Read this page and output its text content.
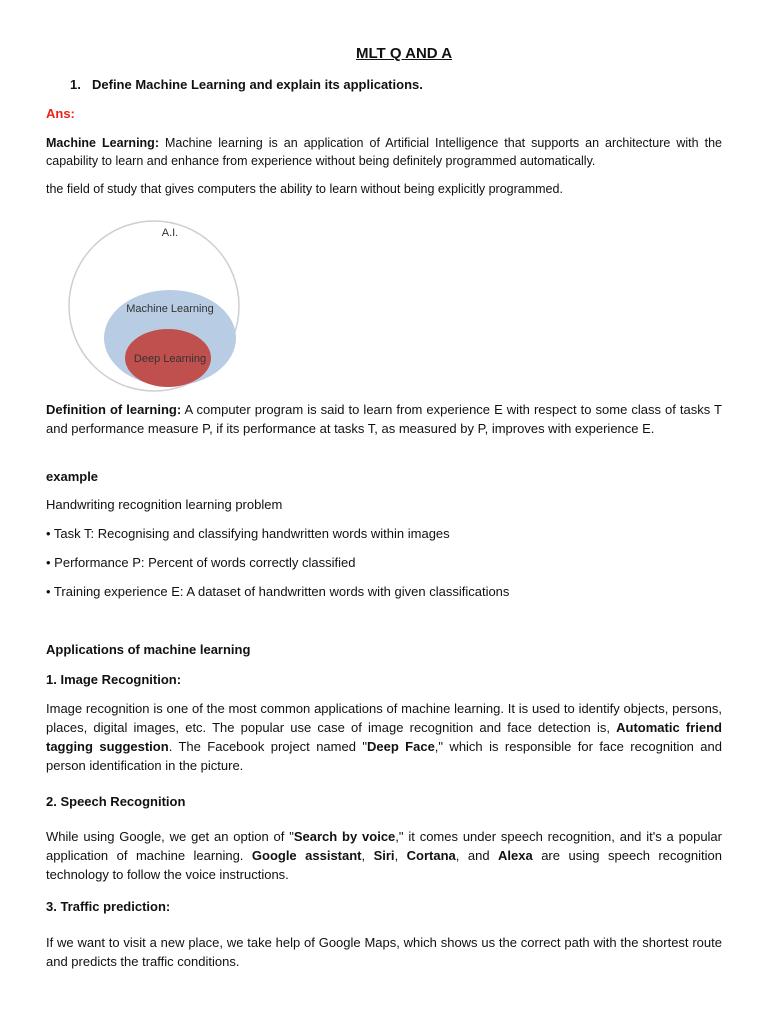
MLT Q AND A
1. Define Machine Learning and explain its applications.
Ans:
Machine Learning: Machine learning is an application of Artificial Intelligence that supports an architecture with the capability to learn and enhance from experience without being definitely programmed automatically.
the field of study that gives computers the ability to learn without being explicitly programmed.
A.I.
Machine Learning
Deep Learning
Definition of learning: A computer program is said to learn from experience E with respect to some class of tasks T and performance measure P, if its performance at tasks T, as measured by P, improves with experience E.
example
Handwriting recognition learning problem
• Task T: Recognising and classifying handwritten words within images
• Performance P: Percent of words correctly classified
• Training experience E: A dataset of handwritten words with given classifications
Applications of machine learning
1. Image Recognition:
Image recognition is one of the most common applications of machine learning. It is used to identify objects, persons, places, digital images, etc. The popular use case of image recognition and face detection is, Automatic friend tagging suggestion. The Facebook project named "Deep Face," which is responsible for face recognition and person identification in the picture.
2. Speech Recognition
While using Google, we get an option of "Search by voice," it comes under speech recognition, and it's a popular application of machine learning. Google assistant, Siri, Cortana, and Alexa are using speech recognition technology to follow the voice instructions.
3. Traffic prediction:
If we want to visit a new place, we take help of Google Maps, which shows us the correct path with the shortest route and predicts the traffic conditions.
